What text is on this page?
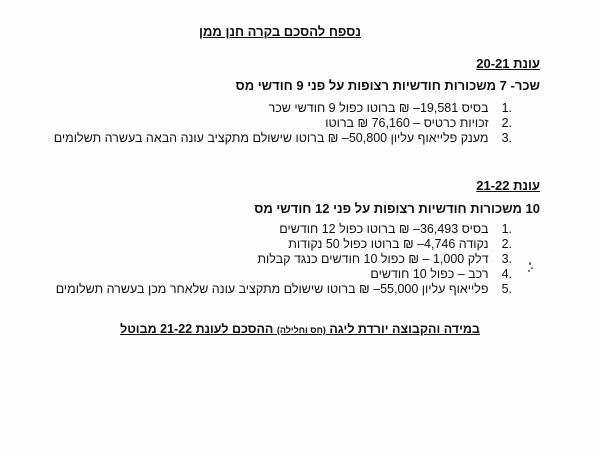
נספח להסכם בקרה חנן ממן
עונת 20-21
שכר- 7 משכורות חודשיות רצופות על פני 9 חודשי מס
1. בסיס 19,581– ₪ ברוטו כפול 9 חודשי שכר
2. זכויות כרטיס – 76,160 ₪ ברוטו
3. מענק פלייאוף עליון 50,800– ₪ ברוטו שישולם מתקציב עונה הבאה בעשרה תשלומים
עונת 21-22
10 משכורות חודשיות רצופות על פני 12 חודשי מס
1. בסיס 36,493– ₪ ברוטו כפול 12 חודשים
2. נקודה 4,746– ₪ ברוטו כפול 50 נקודות
3. דלק 1,000 – ₪ כפול 10 חודשים כנגד קבלות
4. רכב – כפול 10 חודשים
5. פלייאוף עליון 55,000– ₪ ברוטו שישולם מתקציב עונה שלאחר מכן בעשרה תשלומים
במידה והקבוצה יורדת ליגה (חס וחלילה) ההסכם לעונת 21-22 מבוטל
